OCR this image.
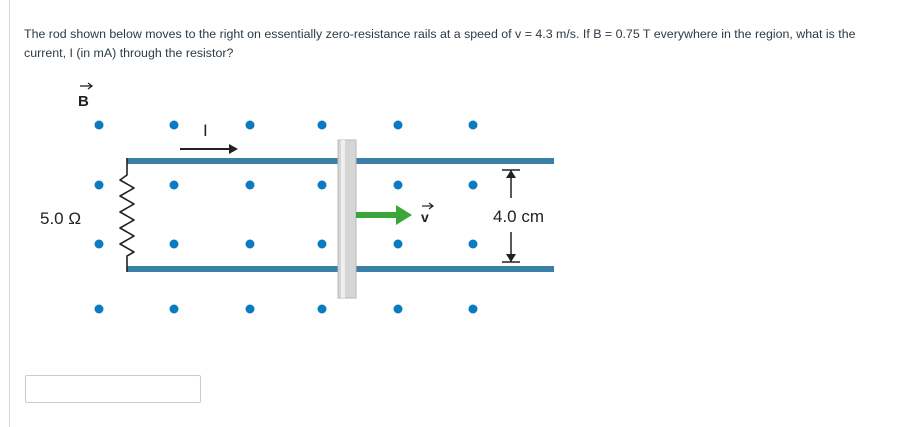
The rod shown below moves to the right on essentially zero-resistance rails at a speed of v = 4.3 m/s. If B = 0.75 T everywhere in the region, what is the
current, I (in mA) through the resistor?

B
I
5.0 Ω	v	4.0 cm
